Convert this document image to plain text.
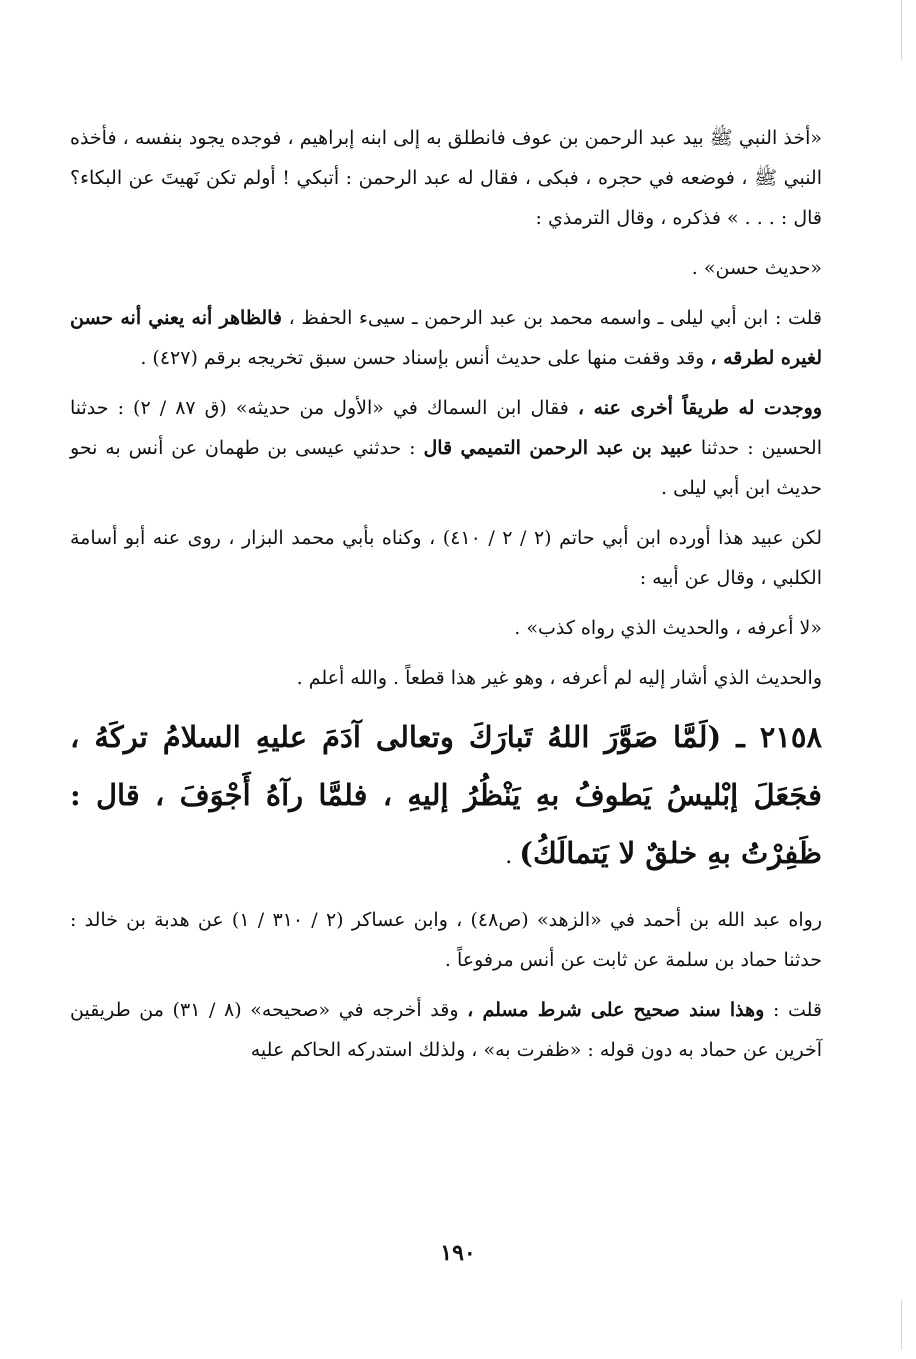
«أخذ النبي ﷺ بيد عبد الرحمن بن عوف فانطلق به إلى ابنه إبراهيم ، فوجده يجود بنفسه ، فأخذه النبي ﷺ ، فوضعه في حجره ، فبكى ، فقال له عبد الرحمن : أتبكي ! أولم تكن نَهيتَ عن البكاء؟ قال : . . . » فذكره ، وقال الترمذي :
«حديث حسن» .
قلت : ابن أبي ليلى ـ واسمه محمد بن عبد الرحمن ـ سيىء الحفظ ، فالظاهر أنه يعني أنه حسن لغيره لطرقه ، وقد وقفت منها على حديث أنس بإسناد حسن سبق تخريجه برقم (٤٢٧) .
ووجدت له طريقاً أخرى عنه ، فقال ابن السماك في «الأول من حديثه» (ق ٨٧ / ٢) : حدثنا الحسين : حدثنا عبيد بن عبد الرحمن التميمي قال : حدثني عيسى بن طهمان عن أنس به نحو حديث ابن أبي ليلى .
لكن عبيد هذا أورده ابن أبي حاتم (٢ / ٢ / ٤١٠) ، وكناه بأبي محمد البزار ، روى عنه أبو أسامة الكلبي ، وقال عن أبيه :
«لا أعرفه ، والحديث الذي رواه كذب» .
والحديث الذي أشار إليه لم أعرفه ، وهو غير هذا قطعاً . والله أعلم .
٢١٥٨ ـ (لَمَّا صَوَّرَ اللهُ تَبارَكَ وتعالى آدَمَ عليهِ السلامُ تركَهُ ، فجَعَلَ إبْليسُ يَطوفُ بهِ يَنْظُرُ إليهِ ، فلمَّا رآهُ أَجْوَفَ ، قال : ظَفِرْتُ بهِ خلقٌ لا يَتمالَكُ) .
رواه عبد الله بن أحمد في «الزهد» (ص٤٨) ، وابن عساكر (٢ / ٣١٠ / ١) عن هدبة بن خالد : حدثنا حماد بن سلمة عن ثابت عن أنس مرفوعاً .
قلت : وهذا سند صحيح على شرط مسلم ، وقد أخرجه في «صحيحه» (٨ / ٣١) من طريقين آخرين عن حماد به دون قوله : «ظفرت به» ، ولذلك استدركه الحاكم عليه
١٩٠
